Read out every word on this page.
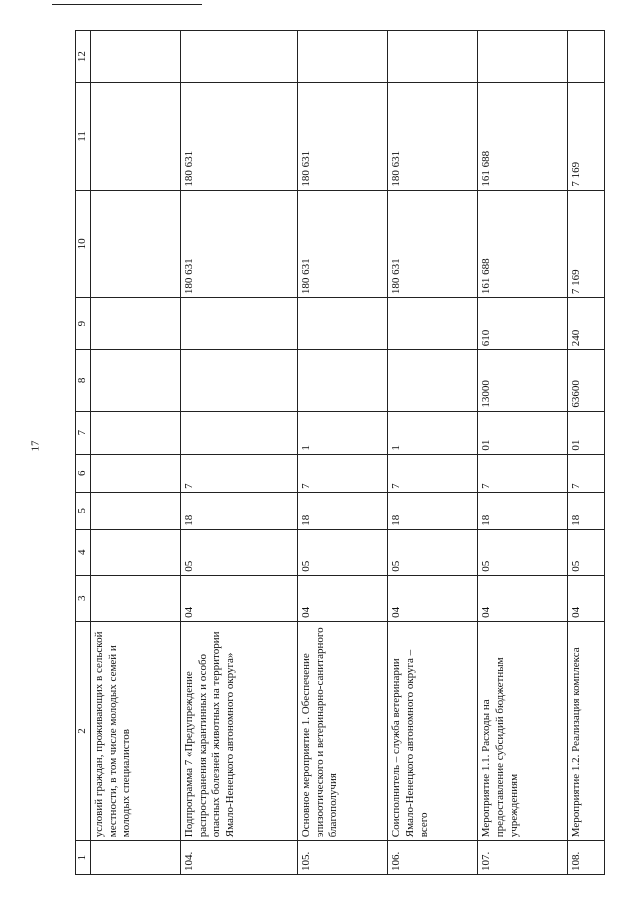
17
1	2	3	4	5	6	7	8	9	10	11	12
	условий граждан, проживающих в сельской местности, в том числе молодых семей и молодых специалистов										
104.	Подпрограмма 7 «Предупреждение распространения карантинных и особо опасных болезней животных на территории Ямало-Ненецкого автономного округа»	04	05	18	7				180 631	180 631	
105.	Основное мероприятие 1. Обеспечение эпизоотического и ветеринарно-санитарного благополучия	04	05	18	7	1			180 631	180 631	
106.	Соисполнитель – служба ветеринарии Ямало-Ненецкого автономного округа – всего	04	05	18	7	1			180 631	180 631	
107.	Мероприятие 1.1. Расходы на предоставление субсидий бюджетным учреждениям	04	05	18	7	01	13000	610	161 688	161 688	
108.	Мероприятие 1.2. Реализация комплекса	04	05	18	7	01	63600	240	7 169	7 169	
